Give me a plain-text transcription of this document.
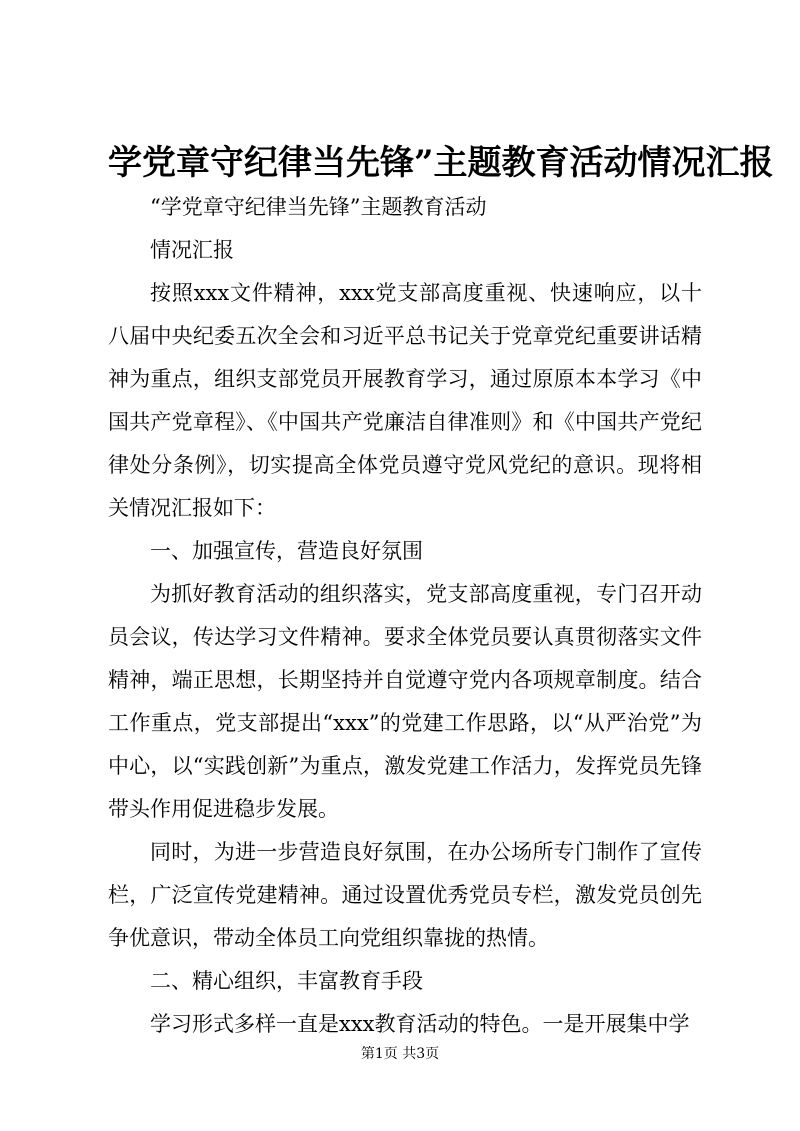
学党章守纪律当先锋”主题教育活动情况汇报

“学党章守纪律当先锋”主题教育活动

情况汇报

按照xxx文件精神，xxx党支部高度重视、快速响应，以十八届中央纪委五次全会和习近平总书记关于党章党纪重要讲话精神为重点，组织支部党员开展教育学习，通过原原本本学习《中国共产党章程》、《中国共产党廉洁自律准则》和《中国共产党纪律处分条例》，切实提高全体党员遵守党风党纪的意识。现将相关情况汇报如下：

一、加强宣传，营造良好氛围

为抓好教育活动的组织落实，党支部高度重视，专门召开动员会议，传达学习文件精神。要求全体党员要认真贯彻落实文件精神，端正思想，长期坚持并自觉遵守党内各项规章制度。结合工作重点，党支部提出“xxx”的党建工作思路，以“从严治党”为中心，以“实践创新”为重点，激发党建工作活力，发挥党员先锋带头作用促进稳步发展。

同时，为进一步营造良好氛围，在办公场所专门制作了宣传栏，广泛宣传党建精神。通过设置优秀党员专栏，激发党员创先争优意识，带动全体员工向党组织靠拢的热情。

二、精心组织，丰富教育手段

学习形式多样一直是xxx教育活动的特色。一是开展集中学

第1页 共3页
